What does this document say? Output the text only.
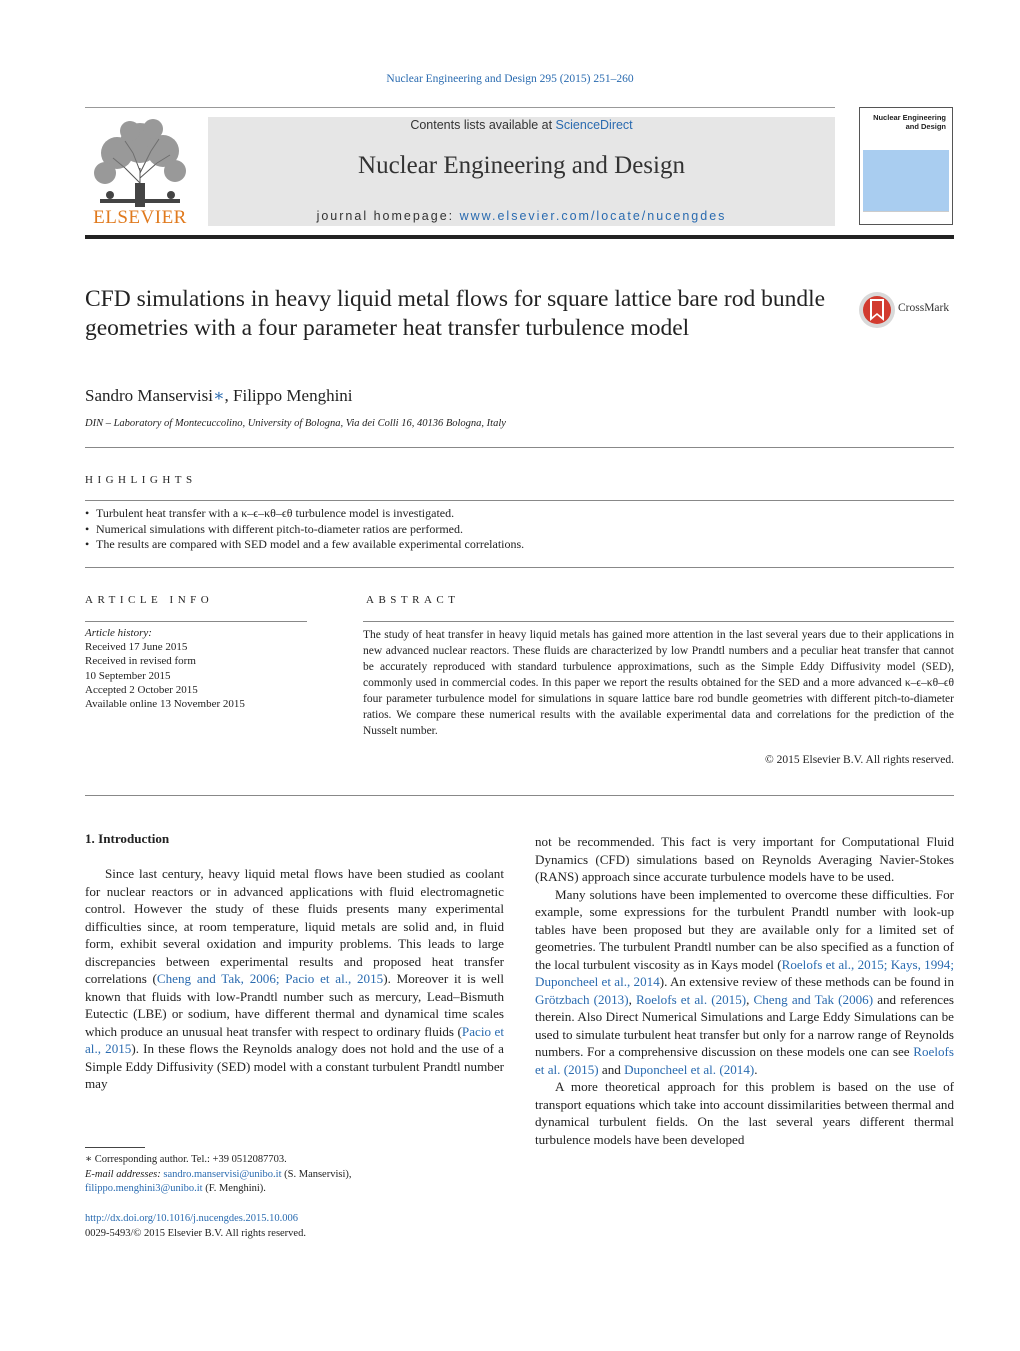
Nuclear Engineering and Design 295 (2015) 251–260
ELSEVIER
Contents lists available at ScienceDirect
Nuclear Engineering and Design
journal homepage: www.elsevier.com/locate/nucengdes
Nuclear Engineering
and Design
CFD simulations in heavy liquid metal flows for square lattice bare rod bundle geometries with a four parameter heat transfer turbulence model
CrossMark
Sandro Manservisi∗, Filippo Menghini
DIN – Laboratory of Montecuccolino, University of Bologna, Via dei Colli 16, 40136 Bologna, Italy
HIGHLIGHTS
• Turbulent heat transfer with a κ–ϵ–κθ–ϵθ turbulence model is investigated.
• Numerical simulations with different pitch-to-diameter ratios are performed.
• The results are compared with SED model and a few available experimental correlations.
ARTICLE INFO	ABSTRACT
Article history:
Received 17 June 2015
Received in revised form
10 September 2015
Accepted 2 October 2015
Available online 13 November 2015
The study of heat transfer in heavy liquid metals has gained more attention in the last several years due to their applications in new advanced nuclear reactors. These fluids are characterized by low Prandtl numbers and a peculiar heat transfer that cannot be accurately reproduced with standard turbulence approximations, such as the Simple Eddy Diffusivity model (SED), commonly used in commercial codes. In this paper we report the results obtained for the SED and a more advanced κ–ϵ–κθ–ϵθ four parameter turbulence model for simulations in square lattice bare rod bundle geometries with different pitch-to-diameter ratios. We compare these numerical results with the available experimental data and correlations for the prediction of the Nusselt number.
© 2015 Elsevier B.V. All rights reserved.
1. Introduction

Since last century, heavy liquid metal flows have been studied as coolant for nuclear reactors or in advanced applications with fluid electromagnetic control. However the study of these fluids presents many experimental difficulties since, at room temperature, liquid metals are solid and, in fluid form, exhibit several oxidation and impurity problems. This leads to large discrepancies between experimental results and proposed heat transfer correlations (Cheng and Tak, 2006; Pacio et al., 2015). Moreover it is well known that fluids with low-Prandtl number such as mercury, Lead–Bismuth Eutectic (LBE) or sodium, have different thermal and dynamical time scales which produce an unusual heat transfer with respect to ordinary fluids (Pacio et al., 2015). In these flows the Reynolds analogy does not hold and the use of a Simple Eddy Diffusivity (SED) model with a constant turbulent Prandtl number may

not be recommended. This fact is very important for Computational Fluid Dynamics (CFD) simulations based on Reynolds Averaging Navier-Stokes (RANS) approach since accurate turbulence models have to be used.

Many solutions have been implemented to overcome these difficulties. For example, some expressions for the turbulent Prandtl number with look-up tables have been proposed but they are available only for a limited set of geometries. The turbulent Prandtl number can be also specified as a function of the local turbulent viscosity as in Kays model (Roelofs et al., 2015; Kays, 1994; Duponcheel et al., 2014). An extensive review of these methods can be found in Grötzbach (2013), Roelofs et al. (2015), Cheng and Tak (2006) and references therein. Also Direct Numerical Simulations and Large Eddy Simulations can be used to simulate turbulent heat transfer but only for a narrow range of Reynolds numbers. For a comprehensive discussion on these models one can see Roelofs et al. (2015) and Duponcheel et al. (2014).

A more theoretical approach for this problem is based on the use of transport equations which take into account dissimilarities between thermal and dynamical turbulent fields. On the last several years different thermal turbulence models have been developed

∗ Corresponding author. Tel.: +39 0512087703.
E-mail addresses: sandro.manservisi@unibo.it (S. Manservisi),
filippo.menghini3@unibo.it (F. Menghini).
http://dx.doi.org/10.1016/j.nucengdes.2015.10.006
0029-5493/© 2015 Elsevier B.V. All rights reserved.
